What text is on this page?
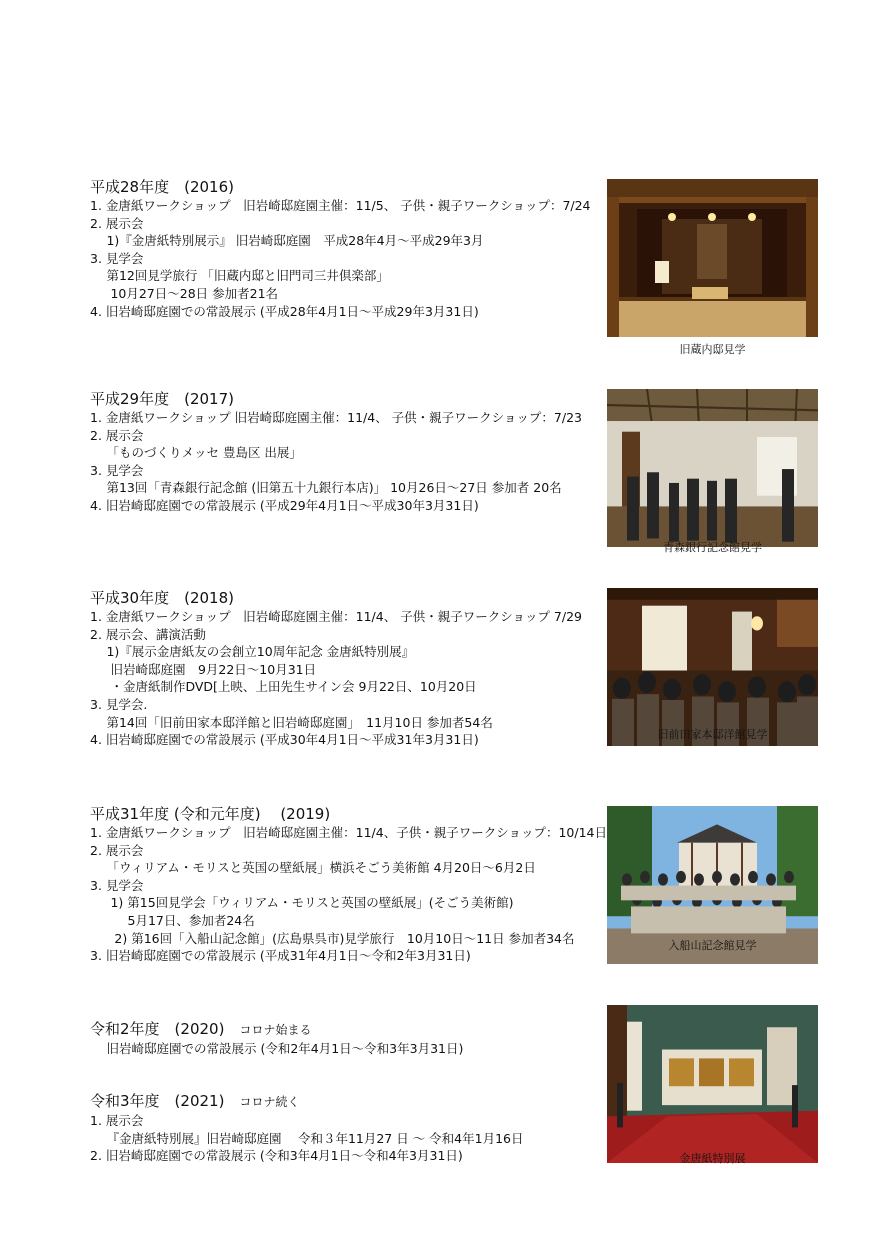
平成28年度　(2016)
1. 金唐紙ワークショップ　旧岩崎邸庭園主催：11/5、 子供・親子ワークショップ：7/24
2. 展示会
　 1)『金唐紙特別展示』 旧岩崎邸庭園　平成28年4月～平成29年3月
3. 見学会
　 第12回見学旅行 「旧蔵内邸と旧門司三井倶楽部」
　  10月27日～28日 参加者21名
4. 旧岩崎邸庭園での常設展示 (平成28年4月1日～平成29年3月31日)
平成29年度　(2017)
1. 金唐紙ワークショップ 旧岩崎邸庭園主催：11/4、 子供・親子ワークショップ：7/23
2. 展示会
　 「ものづくりメッセ 豊島区 出展」
3. 見学会
　 第13回「青森銀行記念館 (旧第五十九銀行本店)」 10月26日～27日 参加者 20名
4. 旧岩崎邸庭園での常設展示 (平成29年4月1日～平成30年3月31日)
平成30年度　(2018)
1. 金唐紙ワークショップ　旧岩崎邸庭園主催：11/4、 子供・親子ワークショップ 7/29
2. 展示会、講演活動
　 1)『展示金唐紙友の会創立10周年記念 金唐紙特別展』
　  旧岩崎邸庭園　9月22日～10月31日
　  ・金唐紙制作DVD[上映、上田先生サイン会 9月22日、10月20日
3. 見学会.
　 第14回「旧前田家本邸洋館と旧岩崎邸庭園」　11月10日 参加者54名
4. 旧岩崎邸庭園での常設展示 (平成30年4月1日～平成31年3月31日)
平成31年度 (令和元年度)　 (2019)
1. 金唐紙ワークショップ　旧岩崎邸庭園主催：11/4、子供・親子ワークショップ：10/14日
2. 展示会
　 「ウィリアム・モリスと英国の壁紙展」横浜そごう美術館 4月20日～6月2日
3. 見学会
　  1) 第15回見学会「ウィリアム・モリスと英国の壁紙展」(そごう美術館)
　　　5月17日、参加者24名
　   2) 第16回「入船山記念館」(広島県呉市)見学旅行　10月10日～11日 参加者34名
3. 旧岩崎邸庭園での常設展示 (平成31年4月1日～令和2年3月31日)
令和2年度　(2020)　 コロナ始まる
　 旧岩崎邸庭園での常設展示 (令和2年4月1日～令和3年3月31日)
令和3年度　(2021)　 コロナ続く
1. 展示会
　 『金唐紙特別展』旧岩崎邸庭園　 令和３年11月27 日 ～ 令和4年1月16日
2. 旧岩崎邸庭園での常設展示 (令和3年4月1日～令和4年3月31日)
旧蔵内邸見学
青森銀行記念館見学
旧前田家本邸洋館見学
入船山記念館見学
金唐紙特別展
